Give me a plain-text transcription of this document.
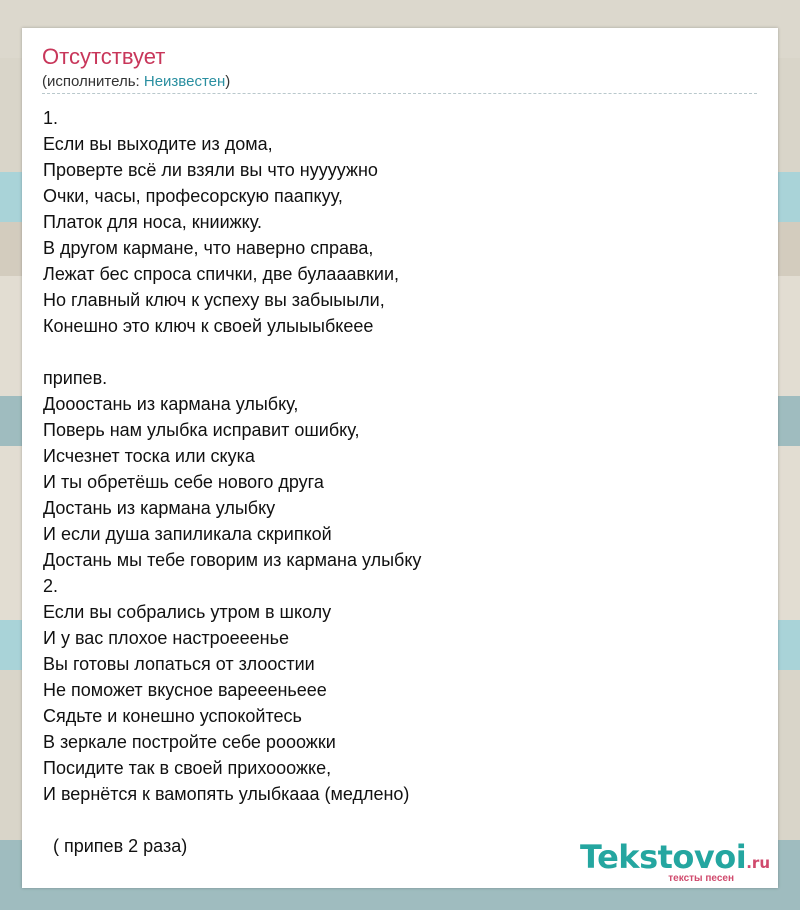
Отсутствует
(исполнитель: Неизвестен)
1.
Если вы выходите из дома,
Проверте всё ли взяли вы что нуууужно
Очки, часы, професорскую паапкуу,
Платок для носа, книижку.
В другом кармане, что наверно справа,
Лежат бес спроса спички, две булааавкии,
Но главный ключ к успеху вы забыыыли,
Конешно это ключ к своей улыыыбкеее
припев.
Дооостань из кармана улыбку,
Поверь нам улыбка исправит ошибку,
Исчезнет тоска или скука
И ты обретёшь себе нового друга
Достань из кармана улыбку
И если душа запиликала скрипкой
Достань мы тебе говорим из кармана улыбку
2.
Если вы собрались утром в школу
И у вас плохое настроееенье
Вы готовы лопаться от злоостии
Не поможет вкусное варееeньеее
Сядьте и конешно успокойтесь
В зеркале постройте себе рооожки
Посидите так в своей прихооожке,
И вернётся к вамопять улыбкааа (медлено)
( припев 2 раза)	Tekstovoi.ru
тексты песен
